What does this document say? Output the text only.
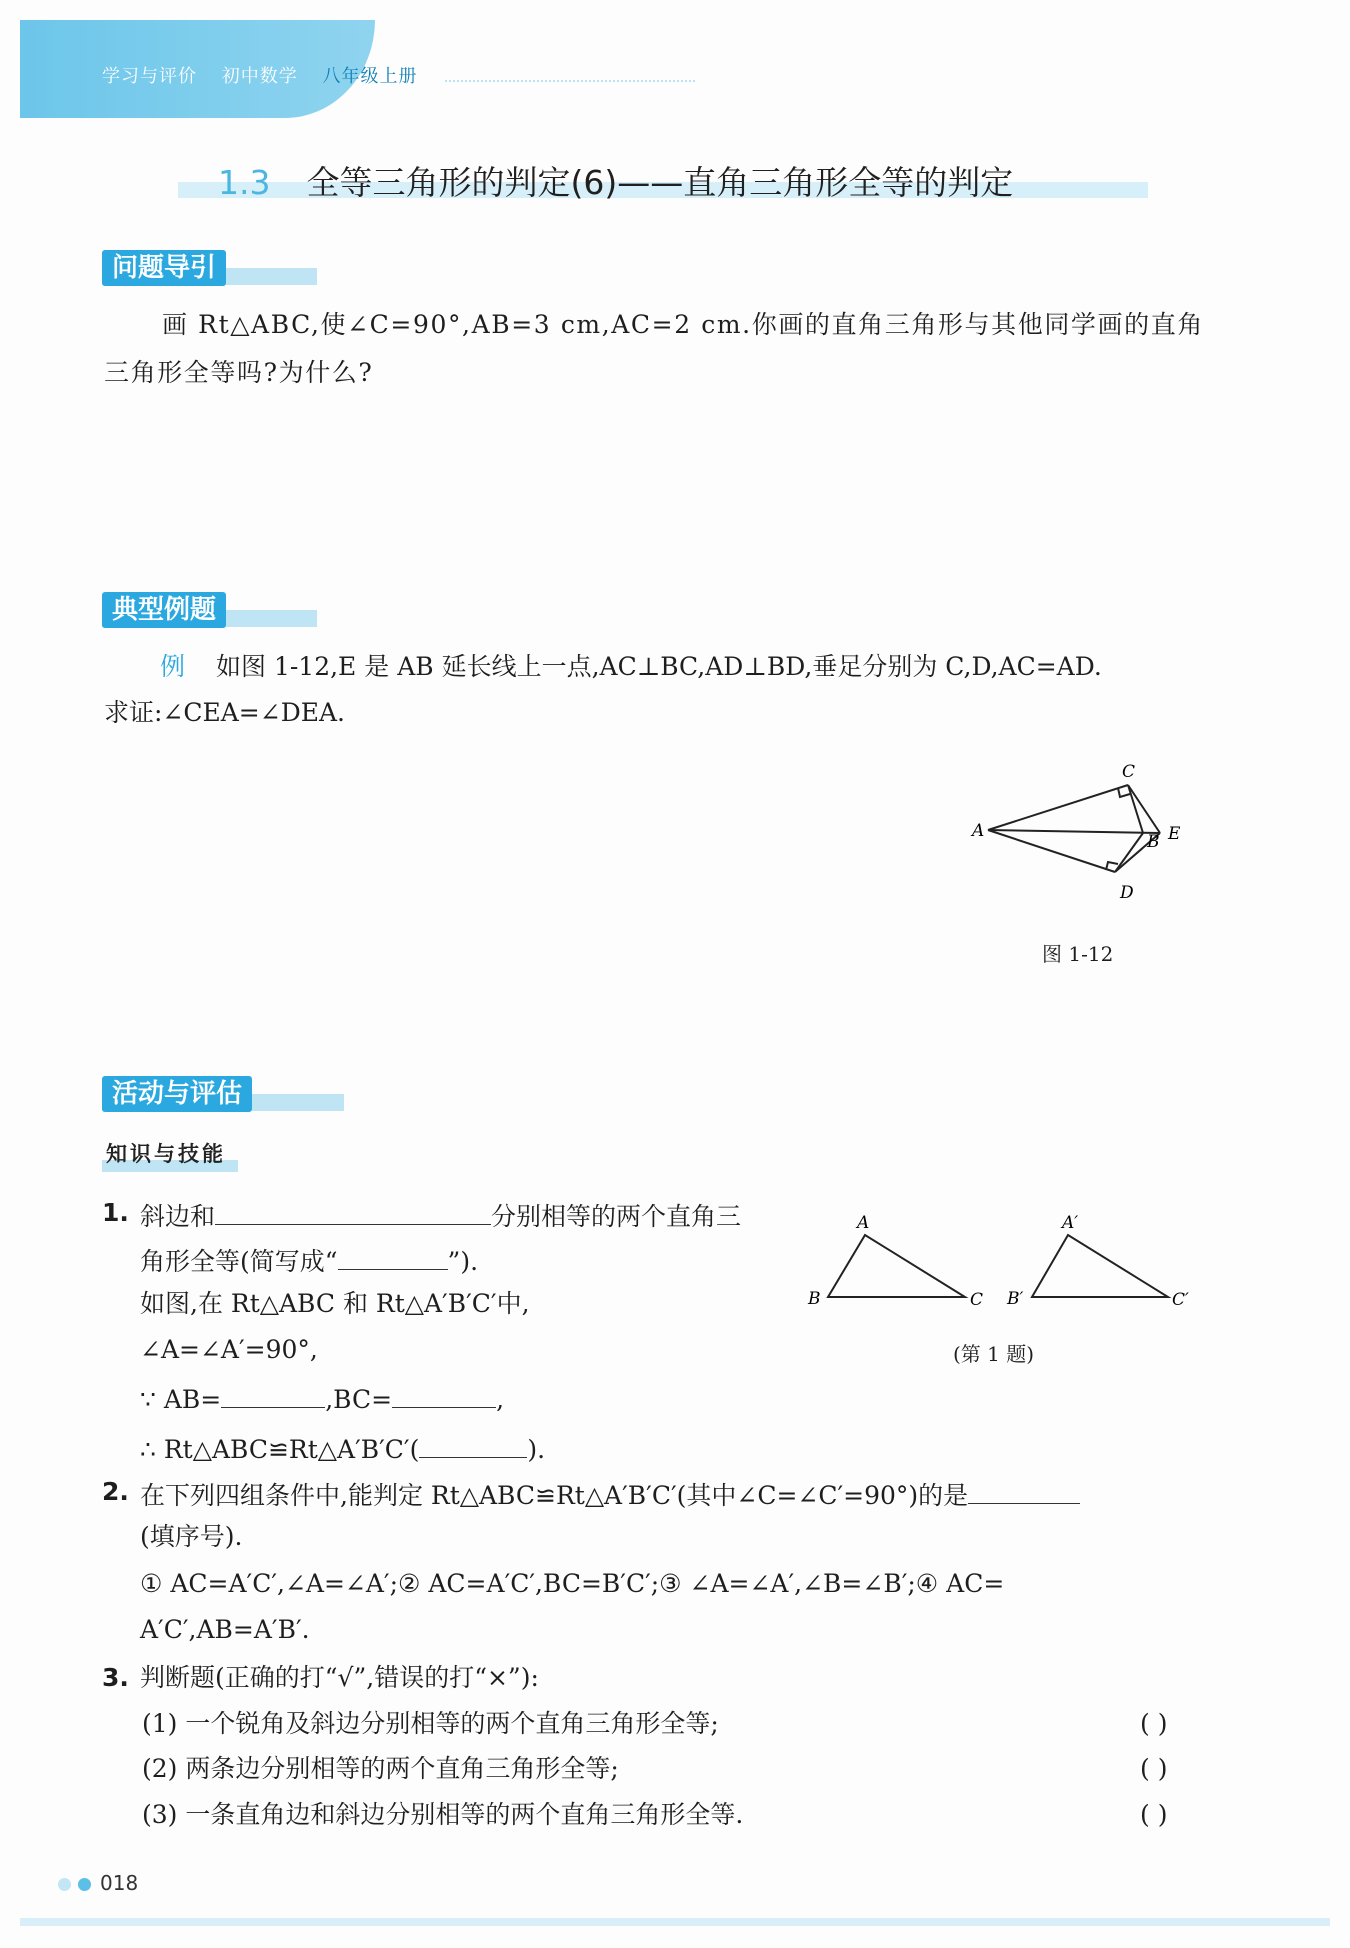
学习与评价 初中数学 八年级上册
1.3 全等三角形的判定(6)——直角三角形全等的判定
问题导引
画 Rt△ABC,使∠C=90°,AB=3 cm,AC=2 cm.你画的直角三角形与其他同学画的直角
三角形全等吗?为什么?
典型例题
例 如图 1-12,E 是 AB 延长线上一点,AC⊥BC,AD⊥BD,垂足分别为 C,D,AC=AD.
求证:∠CEA=∠DEA.
A
C
B E
D
图 1-12
活动与评估
知识与技能
1. 斜边和	分别相等的两个直角三
角形全等(简写成“	”).
如图,在 Rt△ABC 和 Rt△A′B′C′中,
∠A=∠A′=90°,
∵ AB=	,BC=	,
∴ Rt△ABC≌Rt△A′B′C′(	).
A
B	C
A′
B′	C′
(第 1 题)
2. 在下列四组条件中,能判定 Rt△ABC≌Rt△A′B′C′(其中∠C=∠C′=90°)的是
(填序号).
① AC=A′C′,∠A=∠A′;② AC=A′C′,BC=B′C′;③ ∠A=∠A′,∠B=∠B′;④ AC=
A′C′,AB=A′B′.
3. 判断题(正确的打“√”,错误的打“×”):
(1) 一个锐角及斜边分别相等的两个直角三角形全等;	( )
(2) 两条边分别相等的两个直角三角形全等;	( )
(3) 一条直角边和斜边分别相等的两个直角三角形全等.	( )
018
